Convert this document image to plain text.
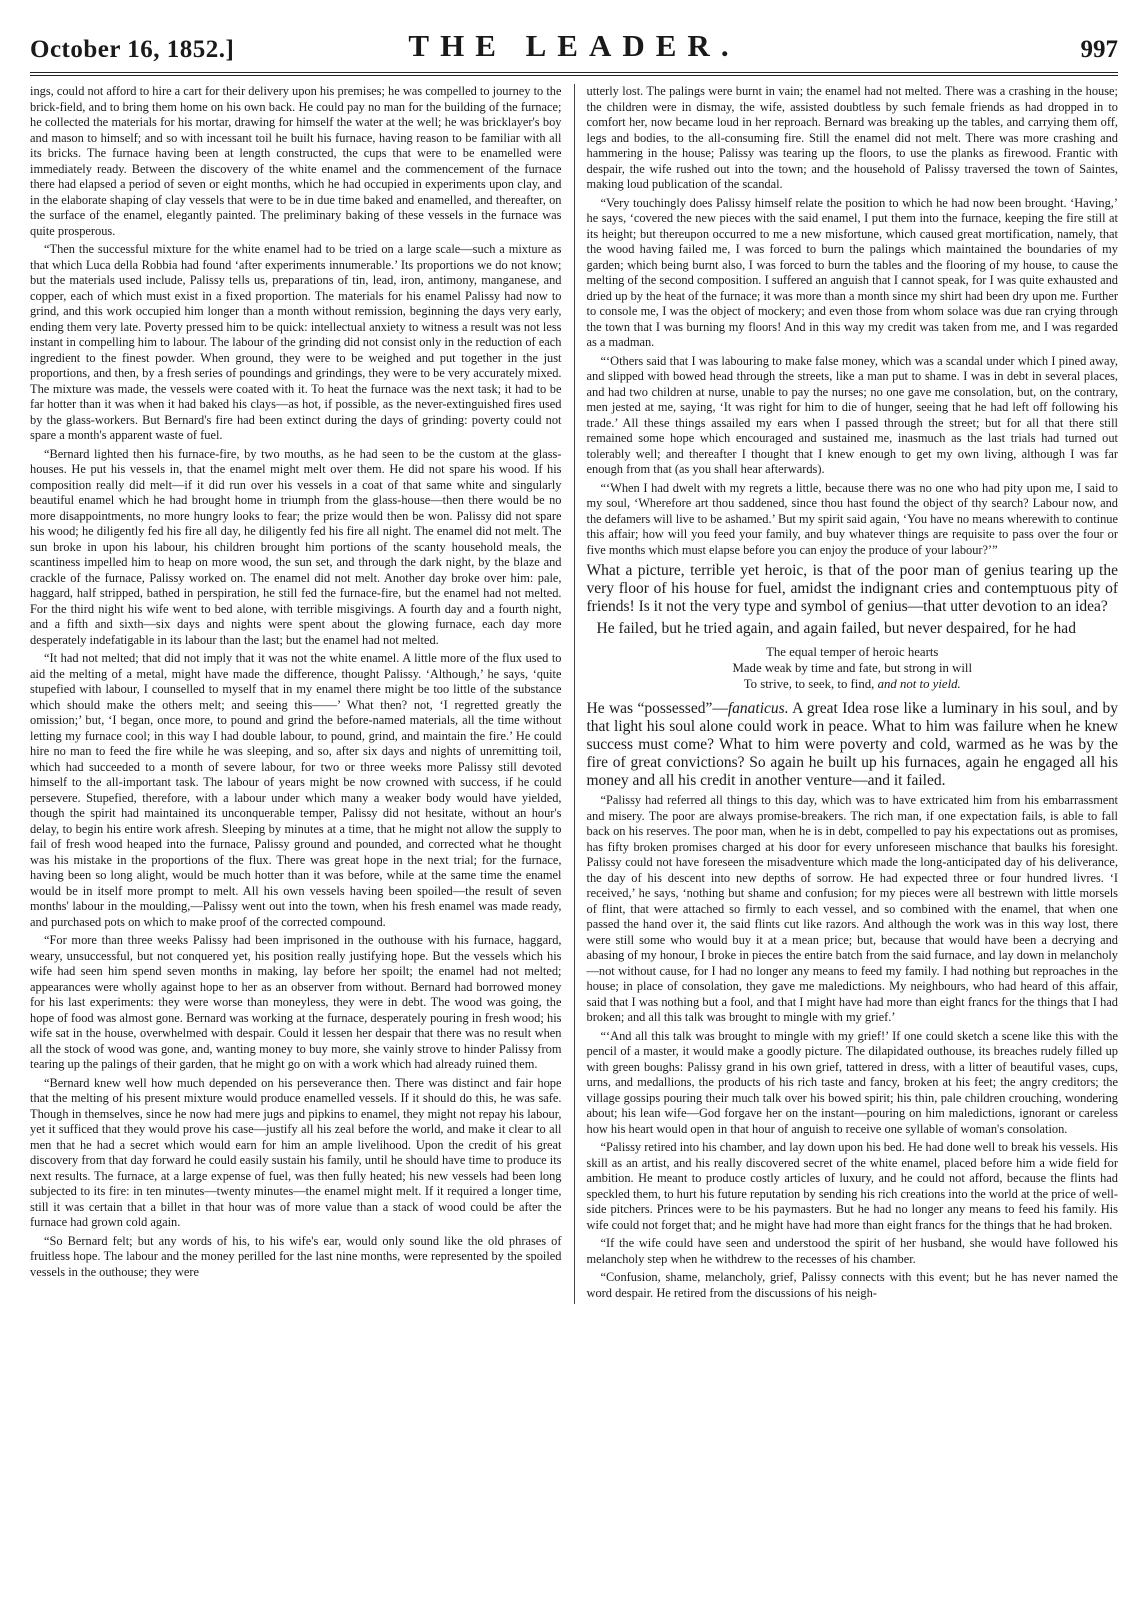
October 16, 1852.]	THE LEADER.	997

ings, could not afford to hire a cart for their delivery upon his premises; he was compelled to journey to the brick-field, and to bring them home on his own back. He could pay no man for the building of the furnace; he collected the materials for his mortar, drawing for himself the water at the well; he was bricklayer's boy and mason to himself; and so with incessant toil he built his furnace, having reason to be familiar with all its bricks. The furnace having been at length constructed, the cups that were to be enamelled were immediately ready. Between the discovery of the white enamel and the commencement of the furnace there had elapsed a period of seven or eight months, which he had occupied in experiments upon clay, and in the elaborate shaping of clay vessels that were to be in due time baked and enamelled, and thereafter, on the surface of the enamel, elegantly painted. The preliminary baking of these vessels in the furnace was quite prosperous.

“Then the successful mixture for the white enamel had to be tried on a large scale—such a mixture as that which Luca della Robbia had found ‘after experiments innumerable.’ Its proportions we do not know; but the materials used include, Palissy tells us, preparations of tin, lead, iron, antimony, manganese, and copper, each of which must exist in a fixed proportion. The materials for his enamel Palissy had now to grind, and this work occupied him longer than a month without remission, beginning the days very early, ending them very late. Poverty pressed him to be quick: intellectual anxiety to witness a result was not less instant in compelling him to labour. The labour of the grinding did not consist only in the reduction of each ingredient to the finest powder. When ground, they were to be weighed and put together in the just proportions, and then, by a fresh series of poundings and grindings, they were to be very accurately mixed. The mixture was made, the vessels were coated with it. To heat the furnace was the next task; it had to be far hotter than it was when it had baked his clays—as hot, if possible, as the never-extinguished fires used by the glass-workers. But Bernard's fire had been extinct during the days of grinding: poverty could not spare a month's apparent waste of fuel.

“Bernard lighted then his furnace-fire, by two mouths, as he had seen to be the custom at the glass-houses. He put his vessels in, that the enamel might melt over them. He did not spare his wood. If his composition really did melt—if it did run over his vessels in a coat of that same white and singularly beautiful enamel which he had brought home in triumph from the glass-house—then there would be no more disappointments, no more hungry looks to fear; the prize would then be won. Palissy did not spare his wood; he diligently fed his fire all day, he diligently fed his fire all night. The enamel did not melt. The sun broke in upon his labour, his children brought him portions of the scanty household meals, the scantiness impelled him to heap on more wood, the sun set, and through the dark night, by the blaze and crackle of the furnace, Palissy worked on. The enamel did not melt. Another day broke over him: pale, haggard, half stripped, bathed in perspiration, he still fed the furnace-fire, but the enamel had not melted. For the third night his wife went to bed alone, with terrible misgivings. A fourth day and a fourth night, and a fifth and sixth—six days and nights were spent about the glowing furnace, each day more desperately indefatigable in its labour than the last; but the enamel had not melted.

“It had not melted; that did not imply that it was not the white enamel. A little more of the flux used to aid the melting of a metal, might have made the difference, thought Palissy. ‘Although,’ he says, ‘quite stupefied with labour, I counselled to myself that in my enamel there might be too little of the substance which should make the others melt; and seeing this——’ What then? not, ‘I regretted greatly the omission;’ but, ‘I began, once more, to pound and grind the before-named materials, all the time without letting my furnace cool; in this way I had double labour, to pound, grind, and maintain the fire.’ He could hire no man to feed the fire while he was sleeping, and so, after six days and nights of unremitting toil, which had succeeded to a month of severe labour, for two or three weeks more Palissy still devoted himself to the all-important task. The labour of years might be now crowned with success, if he could persevere. Stupefied, therefore, with a labour under which many a weaker body would have yielded, though the spirit had maintained its unconquerable temper, Palissy did not hesitate, without an hour's delay, to begin his entire work afresh. Sleeping by minutes at a time, that he might not allow the supply to fail of fresh wood heaped into the furnace, Palissy ground and pounded, and corrected what he thought was his mistake in the proportions of the flux. There was great hope in the next trial; for the furnace, having been so long alight, would be much hotter than it was before, while at the same time the enamel would be in itself more prompt to melt. All his own vessels having been spoiled—the result of seven months' labour in the moulding,—Palissy went out into the town, when his fresh enamel was made ready, and purchased pots on which to make proof of the corrected compound.

“For more than three weeks Palissy had been imprisoned in the outhouse with his furnace, haggard, weary, unsuccessful, but not conquered yet, his position really justifying hope. But the vessels which his wife had seen him spend seven months in making, lay before her spoilt; the enamel had not melted; appearances were wholly against hope to her as an observer from without. Bernard had borrowed money for his last experiments: they were worse than moneyless, they were in debt. The wood was going, the hope of food was almost gone. Bernard was working at the furnace, desperately pouring in fresh wood; his wife sat in the house, overwhelmed with despair. Could it lessen her despair that there was no result when all the stock of wood was gone, and, wanting money to buy more, she vainly strove to hinder Palissy from tearing up the palings of their garden, that he might go on with a work which had already ruined them.

“Bernard knew well how much depended on his perseverance then. There was distinct and fair hope that the melting of his present mixture would produce enamelled vessels. If it should do this, he was safe. Though in themselves, since he now had mere jugs and pipkins to enamel, they might not repay his labour, yet it sufficed that they would prove his case—justify all his zeal before the world, and make it clear to all men that he had a secret which would earn for him an ample livelihood. Upon the credit of his great discovery from that day forward he could easily sustain his family, until he should have time to produce its next results. The furnace, at a large expense of fuel, was then fully heated; his new vessels had been long subjected to its fire: in ten minutes—twenty minutes—the enamel might melt. If it required a longer time, still it was certain that a billet in that hour was of more value than a stack of wood could be after the furnace had grown cold again.

“So Bernard felt; but any words of his, to his wife's ear, would only sound like the old phrases of fruitless hope. The labour and the money perilled for the last nine months, were represented by the spoiled vessels in the outhouse; they were

utterly lost. The palings were burnt in vain; the enamel had not melted. There was a crashing in the house; the children were in dismay, the wife, assisted doubtless by such female friends as had dropped in to comfort her, now became loud in her reproach. Bernard was breaking up the tables, and carrying them off, legs and bodies, to the all-consuming fire. Still the enamel did not melt. There was more crashing and hammering in the house; Palissy was tearing up the floors, to use the planks as firewood. Frantic with despair, the wife rushed out into the town; and the household of Palissy traversed the town of Saintes, making loud publication of the scandal.

“Very touchingly does Palissy himself relate the position to which he had now been brought. ‘Having,’ he says, ‘covered the new pieces with the said enamel, I put them into the furnace, keeping the fire still at its height; but thereupon occurred to me a new misfortune, which caused great mortification, namely, that the wood having failed me, I was forced to burn the palings which maintained the boundaries of my garden; which being burnt also, I was forced to burn the tables and the flooring of my house, to cause the melting of the second composition. I suffered an anguish that I cannot speak, for I was quite exhausted and dried up by the heat of the furnace; it was more than a month since my shirt had been dry upon me. Further to console me, I was the object of mockery; and even those from whom solace was due ran crying through the town that I was burning my floors! And in this way my credit was taken from me, and I was regarded as a madman.

“‘Others said that I was labouring to make false money, which was a scandal under which I pined away, and slipped with bowed head through the streets, like a man put to shame. I was in debt in several places, and had two children at nurse, unable to pay the nurses; no one gave me consolation, but, on the contrary, men jested at me, saying, ‘It was right for him to die of hunger, seeing that he had left off following his trade.’ All these things assailed my ears when I passed through the street; but for all that there still remained some hope which encouraged and sustained me, inasmuch as the last trials had turned out tolerably well; and thereafter I thought that I knew enough to get my own living, although I was far enough from that (as you shall hear afterwards).

“‘When I had dwelt with my regrets a little, because there was no one who had pity upon me, I said to my soul, ‘Wherefore art thou saddened, since thou hast found the object of thy search? Labour now, and the defamers will live to be ashamed.’ But my spirit said again, ‘You have no means wherewith to continue this affair; how will you feed your family, and buy whatever things are requisite to pass over the four or five months which must elapse before you can enjoy the produce of your labour?’”

What a picture, terrible yet heroic, is that of the poor man of genius tearing up the very floor of his house for fuel, amidst the indignant cries and contemptuous pity of friends! Is it not the very type and symbol of genius—that utter devotion to an idea?

He failed, but he tried again, and again failed, but never despaired, for he had

The equal temper of heroic hearts
Made weak by time and fate, but strong in will
To strive, to seek, to find, and not to yield.

He was “possessed”—fanaticus. A great Idea rose like a luminary in his soul, and by that light his soul alone could work in peace. What to him was failure when he knew success must come? What to him were poverty and cold, warmed as he was by the fire of great convictions? So again he built up his furnaces, again he engaged all his money and all his credit in another venture—and it failed.

“Palissy had referred all things to this day, which was to have extricated him from his embarrassment and misery. The poor are always promise-breakers. The rich man, if one expectation fails, is able to fall back on his reserves. The poor man, when he is in debt, compelled to pay his expectations out as promises, has fifty broken promises charged at his door for every unforeseen mischance that baulks his foresight. Palissy could not have foreseen the misadventure which made the long-anticipated day of his deliverance, the day of his descent into new depths of sorrow. He had expected three or four hundred livres. ‘I received,’ he says, ‘nothing but shame and confusion; for my pieces were all bestrewn with little morsels of flint, that were attached so firmly to each vessel, and so combined with the enamel, that when one passed the hand over it, the said flints cut like razors. And although the work was in this way lost, there were still some who would buy it at a mean price; but, because that would have been a decrying and abasing of my honour, I broke in pieces the entire batch from the said furnace, and lay down in melancholy—not without cause, for I had no longer any means to feed my family. I had nothing but reproaches in the house; in place of consolation, they gave me maledictions. My neighbours, who had heard of this affair, said that I was nothing but a fool, and that I might have had more than eight francs for the things that I had broken; and all this talk was brought to mingle with my grief.’

“‘And all this talk was brought to mingle with my grief!’ If one could sketch a scene like this with the pencil of a master, it would make a goodly picture. The dilapidated outhouse, its breaches rudely filled up with green boughs: Palissy grand in his own grief, tattered in dress, with a litter of beautiful vases, cups, urns, and medallions, the products of his rich taste and fancy, broken at his feet; the angry creditors; the village gossips pouring their much talk over his bowed spirit; his thin, pale children crouching, wondering about; his lean wife—God forgave her on the instant—pouring on him maledictions, ignorant or careless how his heart would open in that hour of anguish to receive one syllable of woman's consolation.

“Palissy retired into his chamber, and lay down upon his bed. He had done well to break his vessels. His skill as an artist, and his really discovered secret of the white enamel, placed before him a wide field for ambition. He meant to produce costly articles of luxury, and he could not afford, because the flints had speckled them, to hurt his future reputation by sending his rich creations into the world at the price of well-side pitchers. Princes were to be his paymasters. But he had no longer any means to feed his family. His wife could not forget that; and he might have had more than eight francs for the things that he had broken.

“If the wife could have seen and understood the spirit of her husband, she would have followed his melancholy step when he withdrew to the recesses of his chamber.

“Confusion, shame, melancholy, grief, Palissy connects with this event; but he has never named the word despair. He retired from the discussions of his neigh-
